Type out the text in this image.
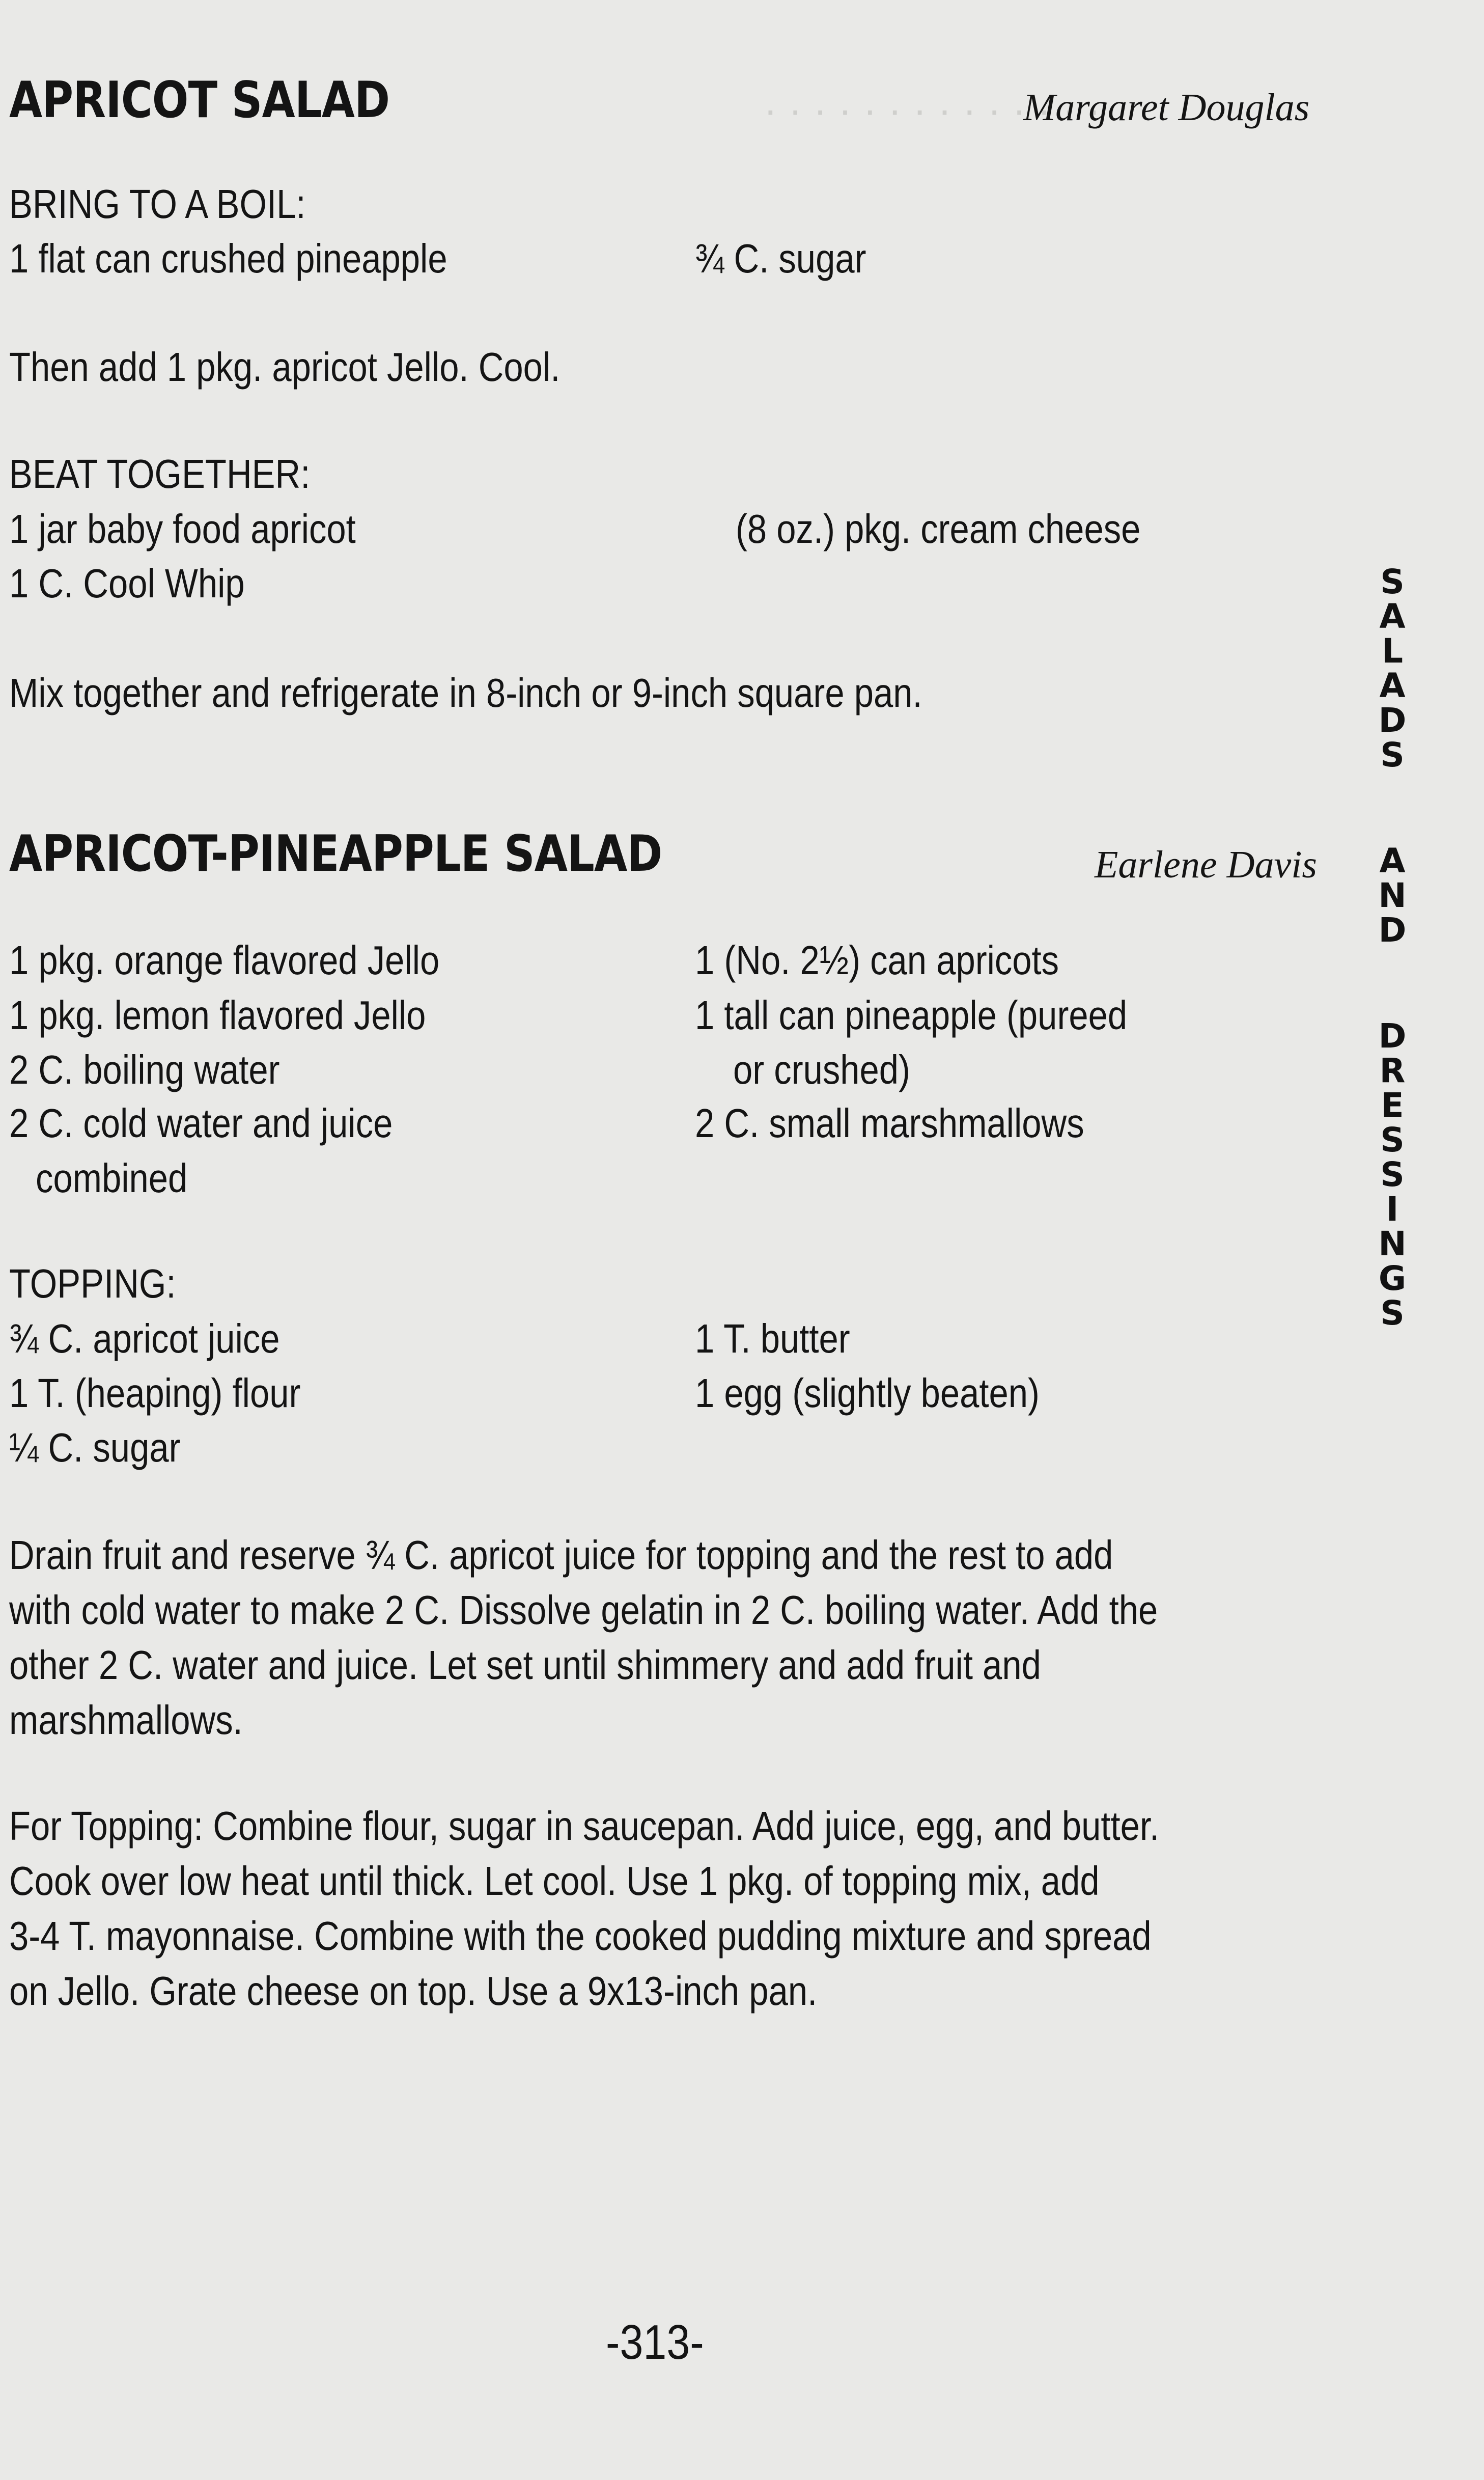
· · · · · · · · · · · · · ·
APRICOT SALAD	Margaret Douglas
BRING TO A BOIL:
1 flat can crushed pineapple	¾ C. sugar
Then add 1 pkg. apricot Jello. Cool.
BEAT TOGETHER:
1 jar baby food apricot	(8 oz.) pkg. cream cheese
1 C. Cool Whip
Mix together and refrigerate in 8-inch or 9-inch square pan.
APRICOT-PINEAPPLE SALAD	Earlene Davis
1 pkg. orange flavored Jello	1 (No. 2½) can apricots
1 pkg. lemon flavored Jello	1 tall can pineapple (pureed
2 C. boiling water	or crushed)
2 C. cold water and juice	2 C. small marshmallows
combined
TOPPING:
¾ C. apricot juice	1 T. butter
1 T. (heaping) flour	1 egg (slightly beaten)
¼ C. sugar
Drain fruit and reserve ¾ C. apricot juice for topping and the rest to add
with cold water to make 2 C. Dissolve gelatin in 2 C. boiling water. Add the
other 2 C. water and juice. Let set until shimmery and add fruit and
marshmallows.
For Topping: Combine flour, sugar in saucepan. Add juice, egg, and butter.
Cook over low heat until thick. Let cool. Use 1 pkg. of topping mix, add
3-4 T. mayonnaise. Combine with the cooked pudding mixture and spread
on Jello. Grate cheese on top. Use a 9x13-inch pan.
S
A
L
A
D
S
A
N
D
D
R
E
S
S
I
N
G
S
-313-
